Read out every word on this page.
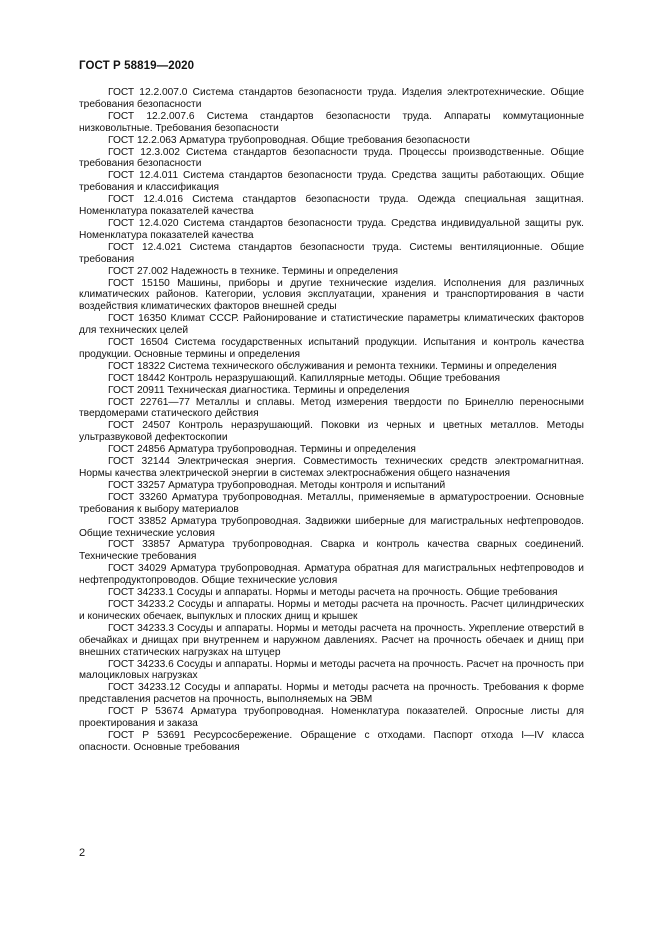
ГОСТ Р 58819—2020

ГОСТ 12.2.007.0 Система стандартов безопасности труда. Изделия электротехнические. Общие требования безопасности

ГОСТ 12.2.007.6 Система стандартов безопасности труда. Аппараты коммутационные низковольтные. Требования безопасности

ГОСТ 12.2.063 Арматура трубопроводная. Общие требования безопасности

ГОСТ 12.3.002 Система стандартов безопасности труда. Процессы производственные. Общие требования безопасности

ГОСТ 12.4.011 Система стандартов безопасности труда. Средства защиты работающих. Общие требования и классификация

ГОСТ 12.4.016 Система стандартов безопасности труда. Одежда специальная защитная. Номенклатура показателей качества

ГОСТ 12.4.020 Система стандартов безопасности труда. Средства индивидуальной защиты рук. Номенклатура показателей качества

ГОСТ 12.4.021 Система стандартов безопасности труда. Системы вентиляционные. Общие требования

ГОСТ 27.002 Надежность в технике. Термины и определения

ГОСТ 15150 Машины, приборы и другие технические изделия. Исполнения для различных климатических районов. Категории, условия эксплуатации, хранения и транспортирования в части воздействия климатических факторов внешней среды

ГОСТ 16350 Климат СССР. Районирование и статистические параметры климатических факторов для технических целей

ГОСТ 16504 Система государственных испытаний продукции. Испытания и контроль качества продукции. Основные термины и определения

ГОСТ 18322 Система технического обслуживания и ремонта техники. Термины и определения

ГОСТ 18442 Контроль неразрушающий. Капиллярные методы. Общие требования

ГОСТ 20911 Техническая диагностика. Термины и определения

ГОСТ 22761—77 Металлы и сплавы. Метод измерения твердости по Бринеллю переносными твердомерами статического действия

ГОСТ 24507 Контроль неразрушающий. Поковки из черных и цветных металлов. Методы ультразвуковой дефектоскопии

ГОСТ 24856 Арматура трубопроводная. Термины и определения

ГОСТ 32144 Электрическая энергия. Совместимость технических средств электромагнитная. Нормы качества электрической энергии в системах электроснабжения общего назначения

ГОСТ 33257 Арматура трубопроводная. Методы контроля и испытаний

ГОСТ 33260 Арматура трубопроводная. Металлы, применяемые в арматуростроении. Основные требования к выбору материалов

ГОСТ 33852 Арматура трубопроводная. Задвижки шиберные для магистральных нефтепроводов. Общие технические условия

ГОСТ 33857 Арматура трубопроводная. Сварка и контроль качества сварных соединений. Технические требования

ГОСТ 34029 Арматура трубопроводная. Арматура обратная для магистральных нефтепроводов и нефтепродуктопроводов. Общие технические условия

ГОСТ 34233.1 Сосуды и аппараты. Нормы и методы расчета на прочность. Общие требования

ГОСТ 34233.2 Сосуды и аппараты. Нормы и методы расчета на прочность. Расчет цилиндрических и конических обечаек, выпуклых и плоских днищ и крышек

ГОСТ 34233.3 Сосуды и аппараты. Нормы и методы расчета на прочность. Укрепление отверстий в обечайках и днищах при внутреннем и наружном давлениях. Расчет на прочность обечаек и днищ при внешних статических нагрузках на штуцер

ГОСТ 34233.6 Сосуды и аппараты. Нормы и методы расчета на прочность. Расчет на прочность при малоцикловых нагрузках

ГОСТ 34233.12 Сосуды и аппараты. Нормы и методы расчета на прочность. Требования к форме представления расчетов на прочность, выполняемых на ЭВМ

ГОСТ Р 53674 Арматура трубопроводная. Номенклатура показателей. Опросные листы для проектирования и заказа

ГОСТ Р 53691 Ресурсосбережение. Обращение с отходами. Паспорт отхода I—IV класса опасности. Основные требования

2
